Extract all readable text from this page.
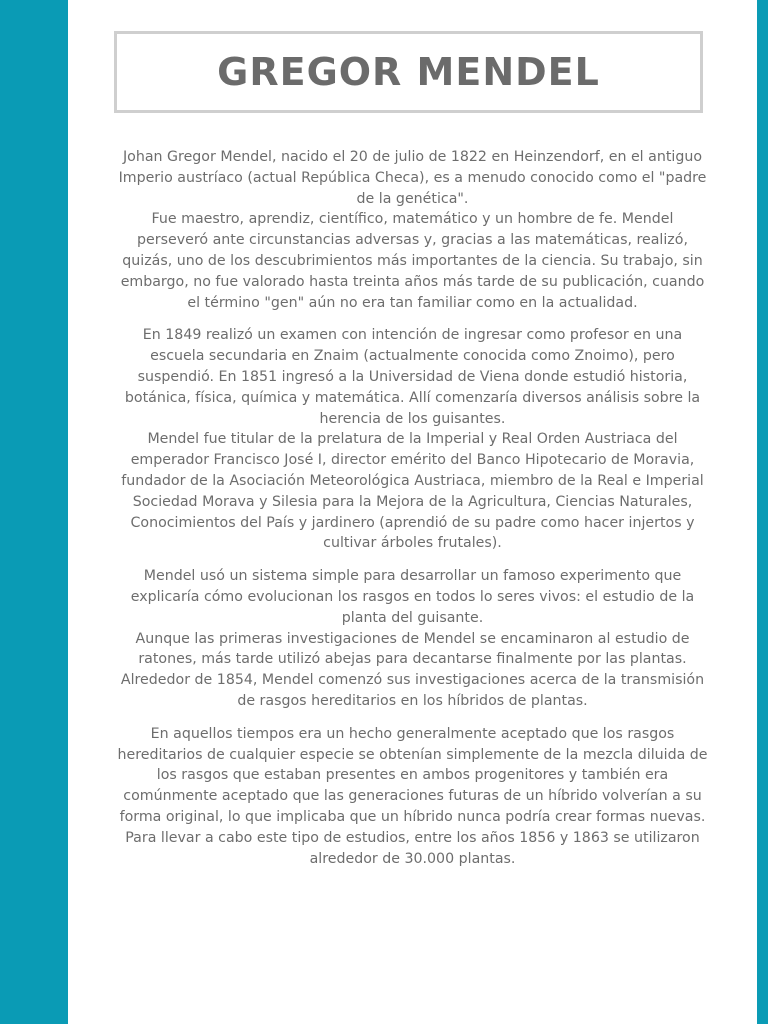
GREGOR MENDEL

Johan Gregor Mendel, nacido el 20 de julio de 1822 en Heinzendorf, en el antiguo Imperio austríaco (actual República Checa), es a menudo conocido como el "padre de la genética".
Fue maestro, aprendiz, científico, matemático y un hombre de fe. Mendel perseveró ante circunstancias adversas y, gracias a las matemáticas, realizó, quizás, uno de los descubrimientos más importantes de la ciencia. Su trabajo, sin embargo, no fue valorado hasta treinta años más tarde de su publicación, cuando el término "gen" aún no era tan familiar como en la actualidad.

En 1849 realizó un examen con intención de ingresar como profesor en una escuela secundaria en Znaim (actualmente conocida como Znoimo), pero suspendió. En 1851 ingresó a la Universidad de Viena donde estudió historia, botánica, física, química y matemática. Allí comenzaría diversos análisis sobre la herencia de los guisantes.
Mendel fue titular de la prelatura de la Imperial y Real Orden Austriaca del emperador Francisco José I, director emérito del Banco Hipotecario de Moravia, fundador de la Asociación Meteorológica Austriaca, miembro de la Real e Imperial Sociedad Morava y Silesia para la Mejora de la Agricultura, Ciencias Naturales, Conocimientos del País y jardinero (aprendió de su padre como hacer injertos y cultivar árboles frutales).

Mendel usó un sistema simple para desarrollar un famoso experimento que explicaría cómo evolucionan los rasgos en todos lo seres vivos: el estudio de la planta del guisante.
Aunque las primeras investigaciones de Mendel se encaminaron al estudio de ratones, más tarde utilizó abejas para decantarse finalmente por las plantas. Alrededor de 1854, Mendel comenzó sus investigaciones acerca de la transmisión de rasgos hereditarios en los híbridos de plantas.

En aquellos tiempos era un hecho generalmente aceptado que los rasgos hereditarios de cualquier especie se obtenían simplemente de la mezcla diluida de los rasgos que estaban presentes en ambos progenitores y también era comúnmente aceptado que las generaciones futuras de un híbrido volverían a su forma original, lo que implicaba que un híbrido nunca podría crear formas nuevas. Para llevar a cabo este tipo de estudios, entre los años 1856 y 1863 se utilizaron alrededor de 30.000 plantas.
